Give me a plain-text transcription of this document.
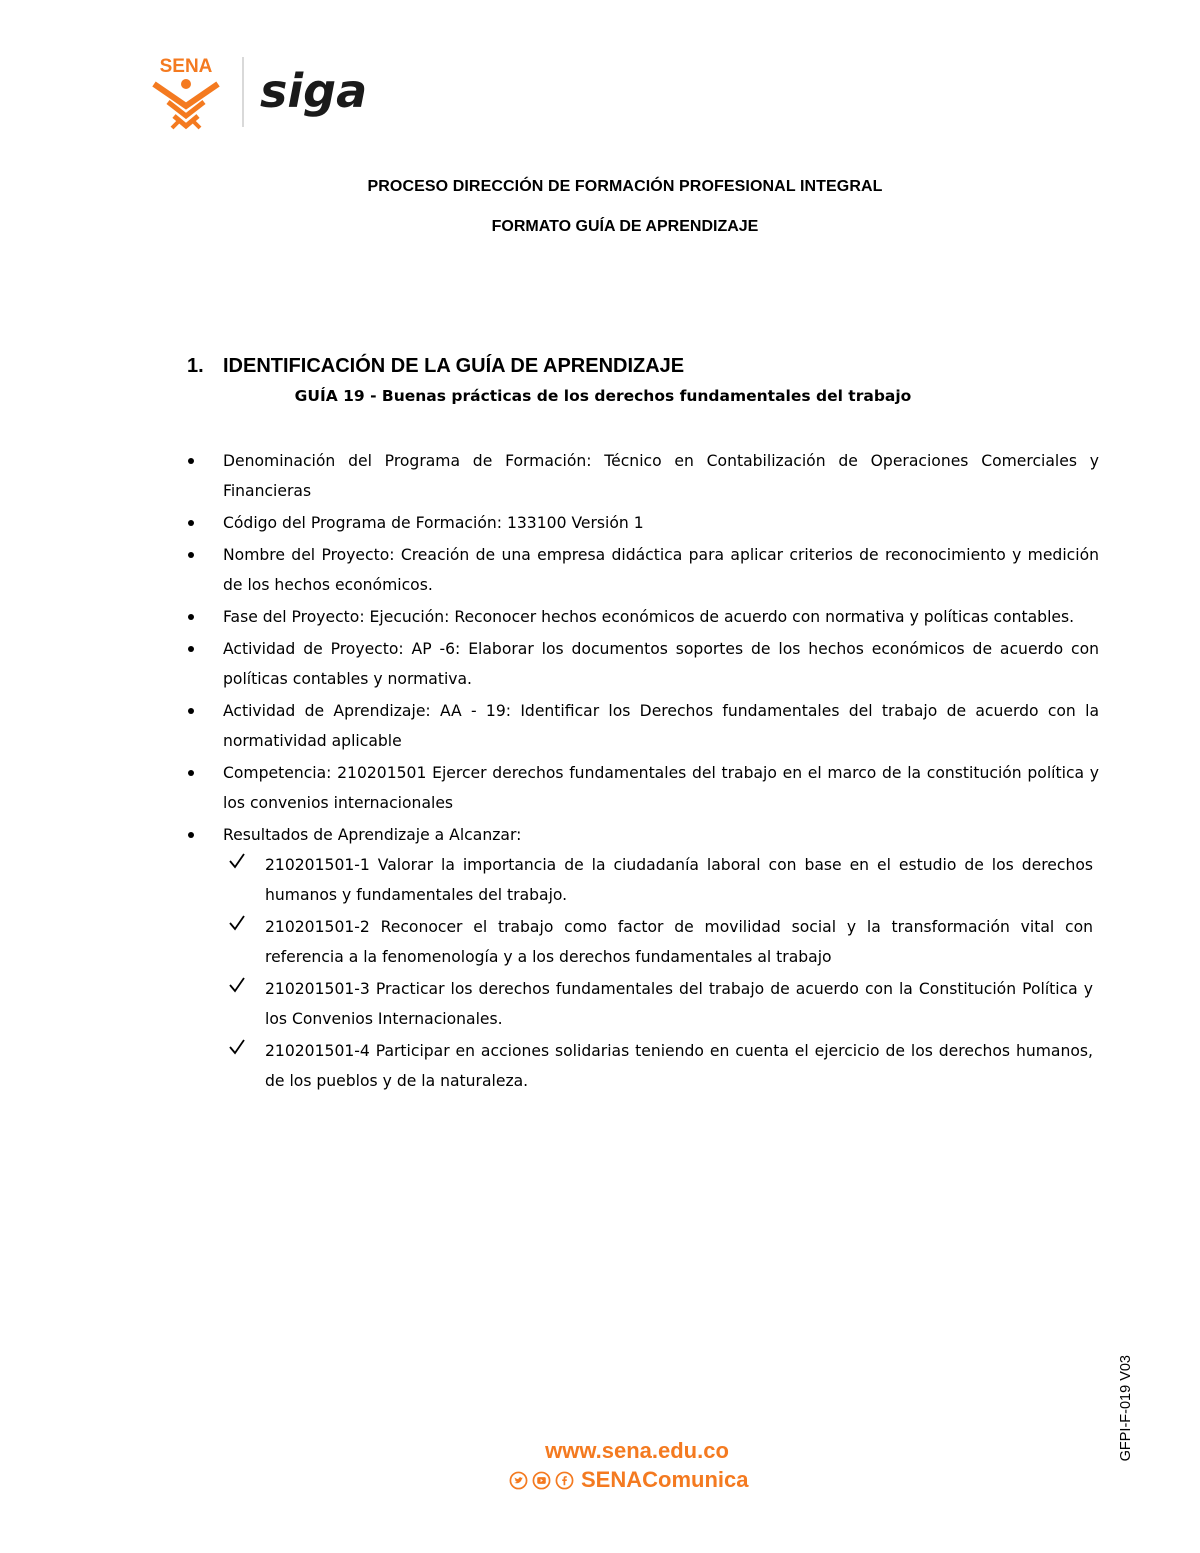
SENA siga
PROCESO DIRECCIÓN DE FORMACIÓN PROFESIONAL INTEGRAL
FORMATO GUÍA DE APRENDIZAJE
1. IDENTIFICACIÓN DE LA GUÍA DE APRENDIZAJE
GUÍA 19 - Buenas prácticas de los derechos fundamentales del trabajo
Denominación del Programa de Formación: Técnico en Contabilización de Operaciones Comerciales y Financieras
Código del Programa de Formación: 133100 Versión 1
Nombre del Proyecto: Creación de una empresa didáctica para aplicar criterios de reconocimiento y medición de los hechos económicos.
Fase del Proyecto: Ejecución: Reconocer hechos económicos de acuerdo con normativa y políticas contables.
Actividad de Proyecto: AP -6: Elaborar los documentos soportes de los hechos económicos de acuerdo con políticas contables y normativa.
Actividad de Aprendizaje: AA - 19: Identificar los Derechos fundamentales del trabajo de acuerdo con la normatividad aplicable
Competencia: 210201501 Ejercer derechos fundamentales del trabajo en el marco de la constitución política y los convenios internacionales
Resultados de Aprendizaje a Alcanzar:
210201501-1 Valorar la importancia de la ciudadanía laboral con base en el estudio de los derechos humanos y fundamentales del trabajo.
210201501-2 Reconocer el trabajo como factor de movilidad social y la transformación vital con referencia a la fenomenología y a los derechos fundamentales al trabajo
210201501-3 Practicar los derechos fundamentales del trabajo de acuerdo con la Constitución Política y los Convenios Internacionales.
210201501-4 Participar en acciones solidarias teniendo en cuenta el ejercicio de los derechos humanos, de los pueblos y de la naturaleza.
www.sena.edu.co
SENAComunica
GFPI-F-019 V03
